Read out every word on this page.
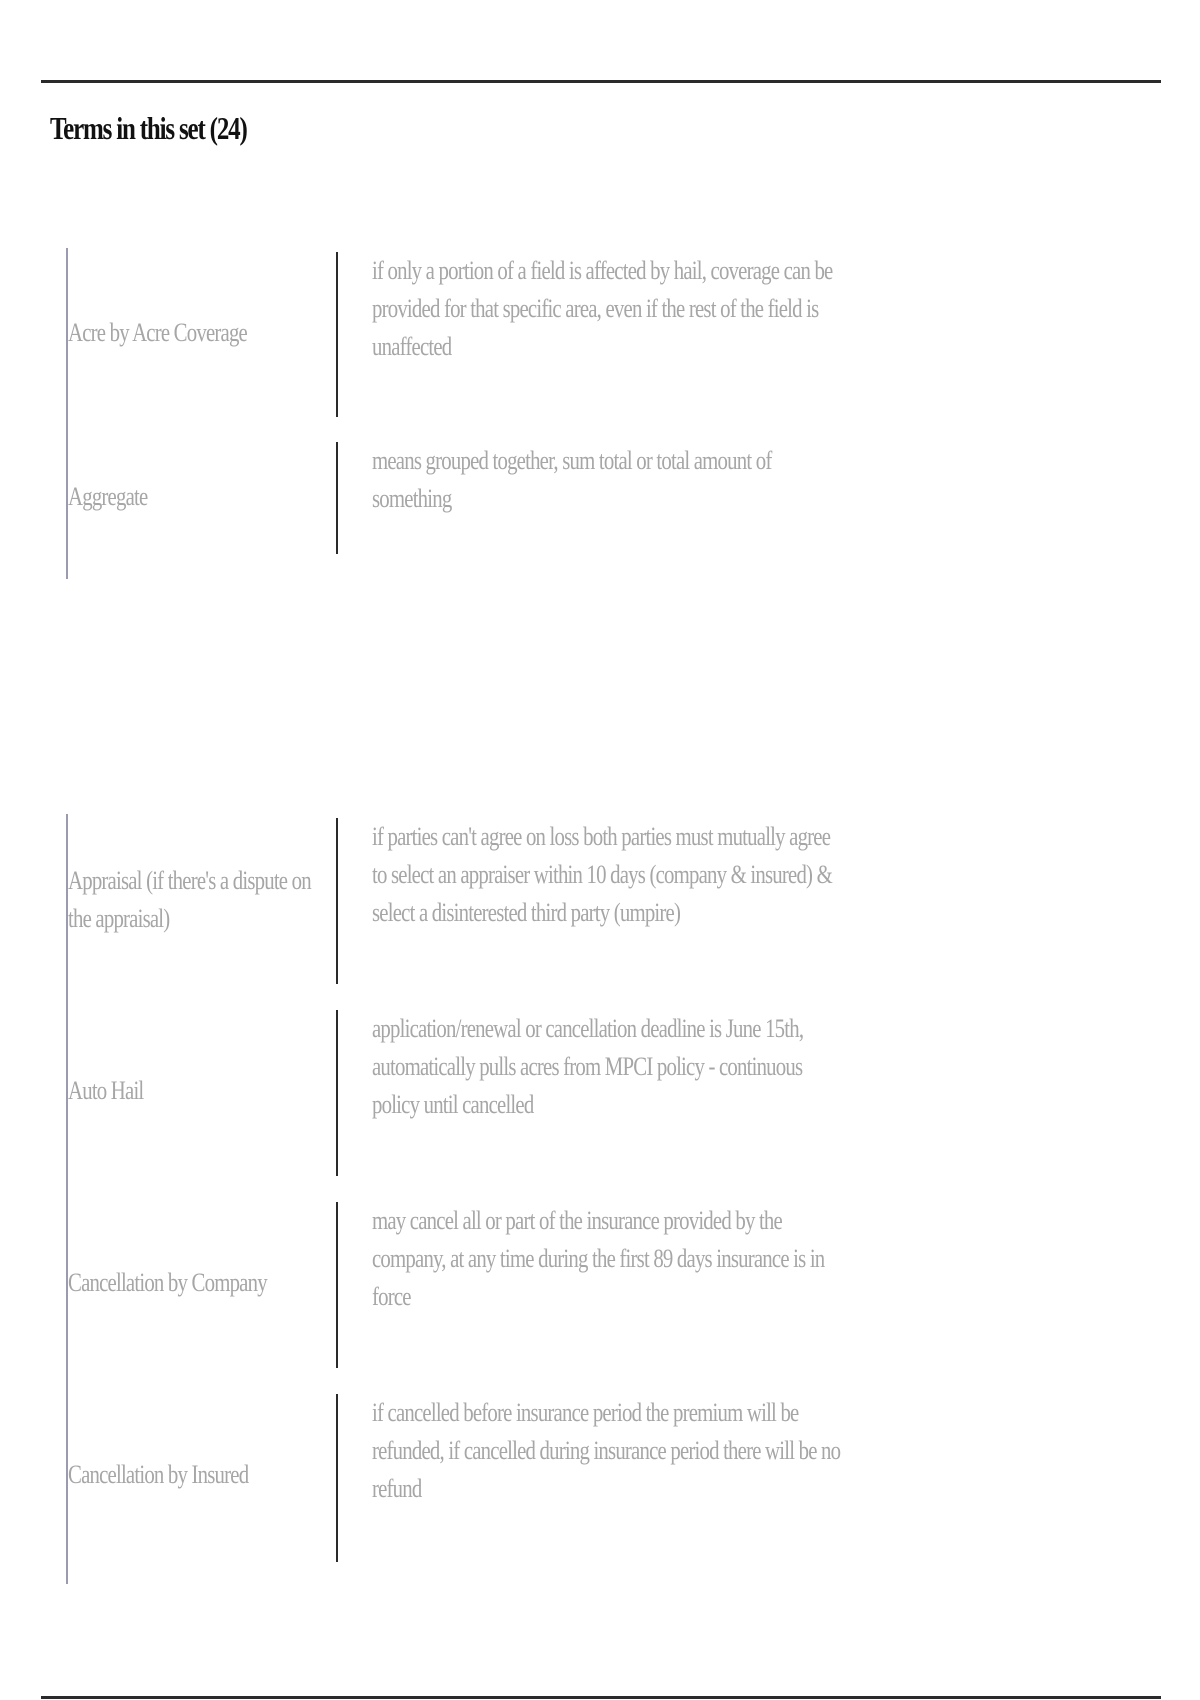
Terms in this set (24)
Acre by Acre Coverage
if only a portion of a field is affected by hail, coverage can be provided for that specific area, even if the rest of the field is unaffected
Aggregate
means grouped together, sum total or total amount of something
Appraisal (if there's a dispute on the appraisal)
if parties can't agree on loss both parties must mutually agree to select an appraiser within 10 days (company & insured) & select a disinterested third party (umpire)
Auto Hail
application/renewal or cancellation deadline is June 15th, automatically pulls acres from MPCI policy - continuous policy until cancelled
Cancellation by Company
may cancel all or part of the insurance provided by the company, at any time during the first 89 days insurance is in force
Cancellation by Insured
if cancelled before insurance period the premium will be refunded, if cancelled during insurance period there will be no refund
